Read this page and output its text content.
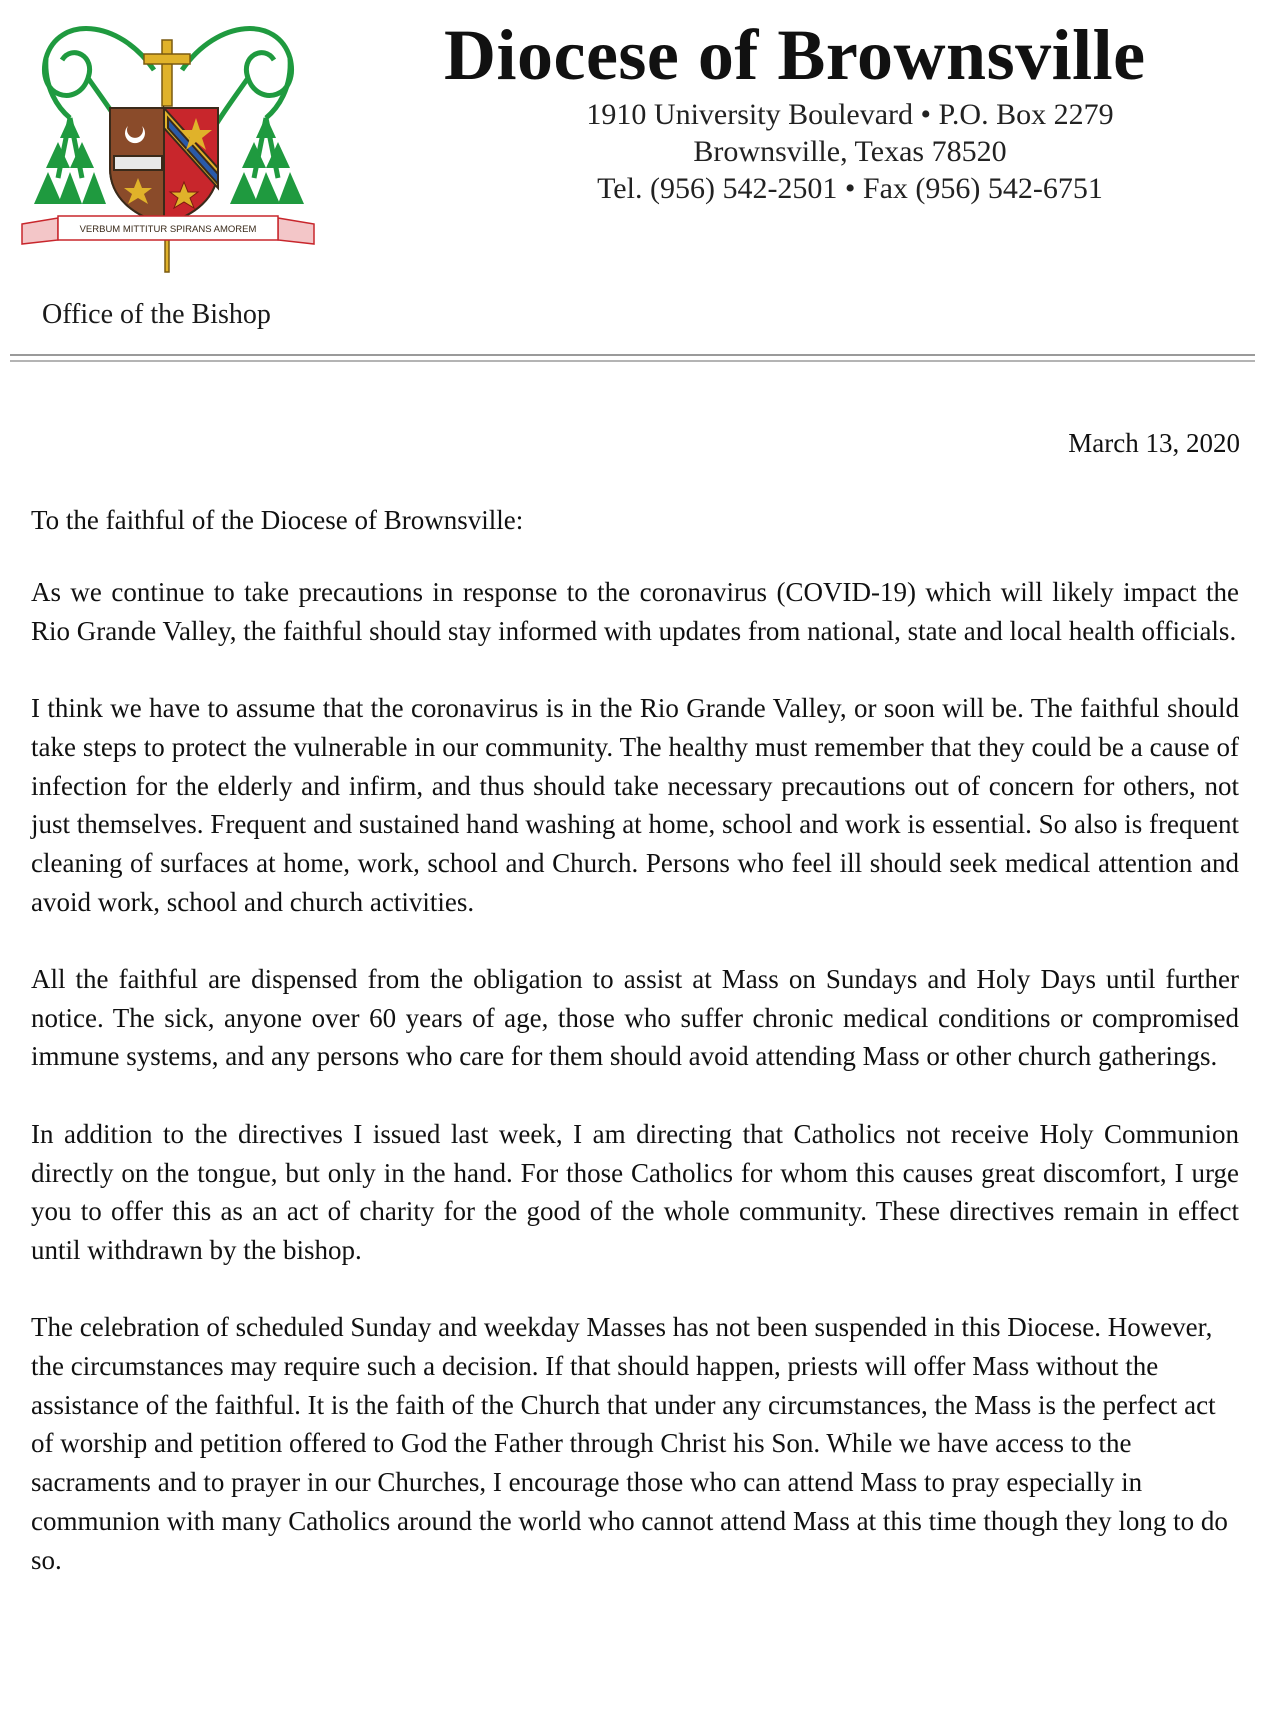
VERBUM MITTITUR SPIRANS AMOREM
Office of the Bishop
Diocese of Brownsville
1910 University Boulevard • P.O. Box 2279
Brownsville, Texas 78520
Tel. (956) 542-2501 • Fax (956) 542-6751
March 13, 2020
To the faithful of the Diocese of Brownsville:

As we continue to take precautions in response to the coronavirus (COVID-19) which will likely impact the Rio Grande Valley, the faithful should stay informed with updates from national, state and local health officials.

I think we have to assume that the coronavirus is in the Rio Grande Valley, or soon will be. The faithful should take steps to protect the vulnerable in our community. The healthy must remember that they could be a cause of infection for the elderly and infirm, and thus should take necessary precautions out of concern for others, not just themselves. Frequent and sustained hand washing at home, school and work is essential. So also is frequent cleaning of surfaces at home, work, school and Church. Persons who feel ill should seek medical attention and avoid work, school and church activities.

All the faithful are dispensed from the obligation to assist at Mass on Sundays and Holy Days until further notice. The sick, anyone over 60 years of age, those who suffer chronic medical conditions or compromised immune systems, and any persons who care for them should avoid attending Mass or other church gatherings.

In addition to the directives I issued last week, I am directing that Catholics not receive Holy Communion directly on the tongue, but only in the hand. For those Catholics for whom this causes great discomfort, I urge you to offer this as an act of charity for the good of the whole community. These directives remain in effect until withdrawn by the bishop.

The celebration of scheduled Sunday and weekday Masses has not been suspended in this Diocese. However, the circumstances may require such a decision. If that should happen, priests will offer Mass without the assistance of the faithful. It is the faith of the Church that under any circumstances, the Mass is the perfect act of worship and petition offered to God the Father through Christ his Son. While we have access to the sacraments and to prayer in our Churches, I encourage those who can attend Mass to pray especially in communion with many Catholics around the world who cannot attend Mass at this time though they long to do so.
